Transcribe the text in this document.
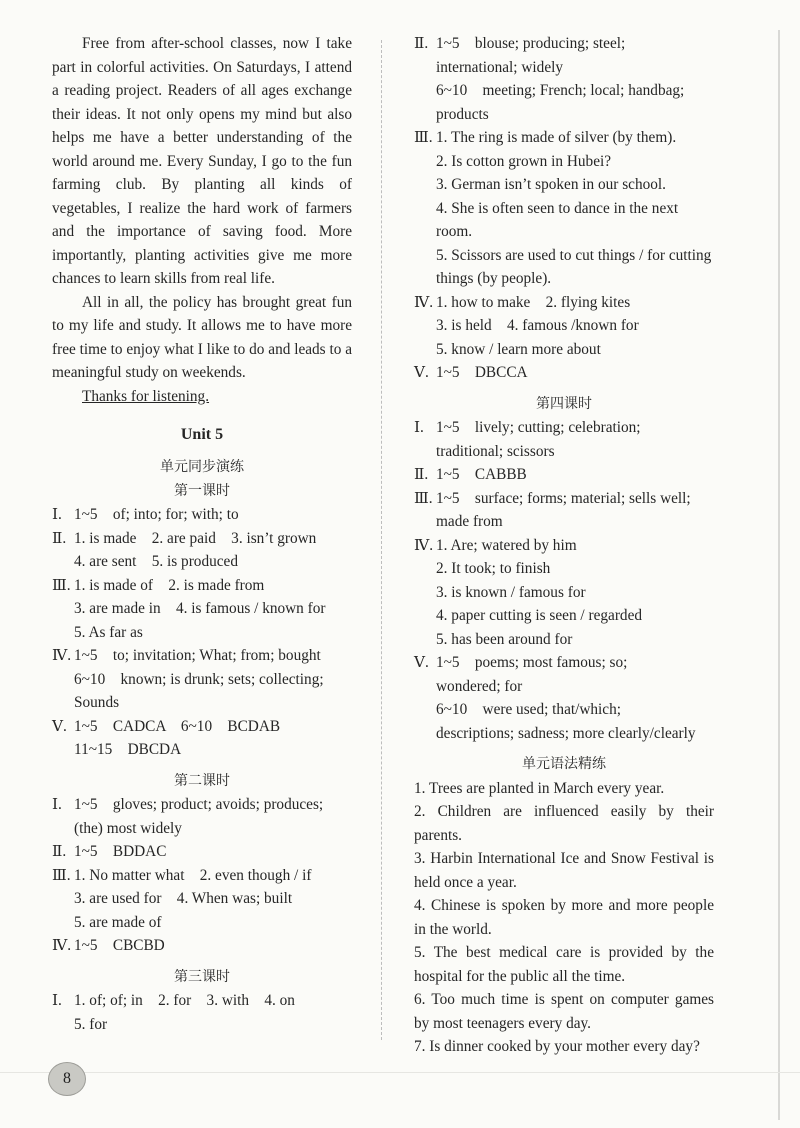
Free from after-school classes, now I take part in colorful activities. On Saturdays, I attend a reading project. Readers of all ages exchange their ideas. It not only opens my mind but also helps me have a better understanding of the world around me. Every Sunday, I go to the fun farming club. By planting all kinds of vegetables, I realize the hard work of farmers and the importance of saving food. More importantly, planting activities give me more chances to learn skills from real life.

All in all, the policy has brought great fun to my life and study. It allows me to have more free time to enjoy what I like to do and leads to a meaningful study on weekends.

Thanks for listening.

Unit 5
单元同步演练
第一课时
Ⅰ. 1~5　of; into; for; with; to
Ⅱ. 1. is made　2. are paid　3. isn’t grown
4. are sent　5. is produced
Ⅲ. 1. is made of　2. is made from
3. are made in　4. is famous / known for
5. As far as
Ⅳ. 1~5　to; invitation; What; from; bought
6~10　known; is drunk; sets; collecting;
Sounds
Ⅴ. 1~5　CADCA　6~10　BCDAB
11~15　DBCDA
第二课时
Ⅰ. 1~5　gloves; product; avoids; produces;
(the) most widely
Ⅱ. 1~5　BDDAC
Ⅲ. 1. No matter what　2. even though / if
3. are used for　4. When was; built
5. are made of
Ⅳ. 1~5　CBCBD
第三课时
Ⅰ. 1. of; of; in　2. for　3. with　4. on
5. for
Ⅱ. 1~5　blouse; producing; steel;
international; widely
6~10　meeting; French; local; handbag;
products
Ⅲ. 1. The ring is made of silver (by them).
2. Is cotton grown in Hubei?
3. German isn’t spoken in our school.
4. She is often seen to dance in the next
room.
5. Scissors are used to cut things / for cutting
things (by people).
Ⅳ. 1. how to make　2. flying kites
3. is held　4. famous /known for
5. know / learn more about
Ⅴ. 1~5　DBCCA
第四课时
Ⅰ. 1~5　lively; cutting; celebration;
traditional; scissors
Ⅱ. 1~5　CABBB
Ⅲ. 1~5　surface; forms; material; sells well;
made from
Ⅳ. 1. Are; watered by him
2. It took; to finish
3. is known / famous for
4. paper cutting is seen / regarded
5. has been around for
Ⅴ. 1~5　poems; most famous; so;
wondered; for
6~10　were used; that/which;
descriptions; sadness; more clearly/clearly
单元语法精练

1. Trees are planted in March every year.

2. Children are influenced easily by their parents.

3. Harbin International Ice and Snow Festival is held once a year.

4. Chinese is spoken by more and more people in the world.

5. The best medical care is provided by the hospital for the public all the time.

6. Too much time is spent on computer games by most teenagers every day.

7. Is dinner cooked by your mother every day?

8
